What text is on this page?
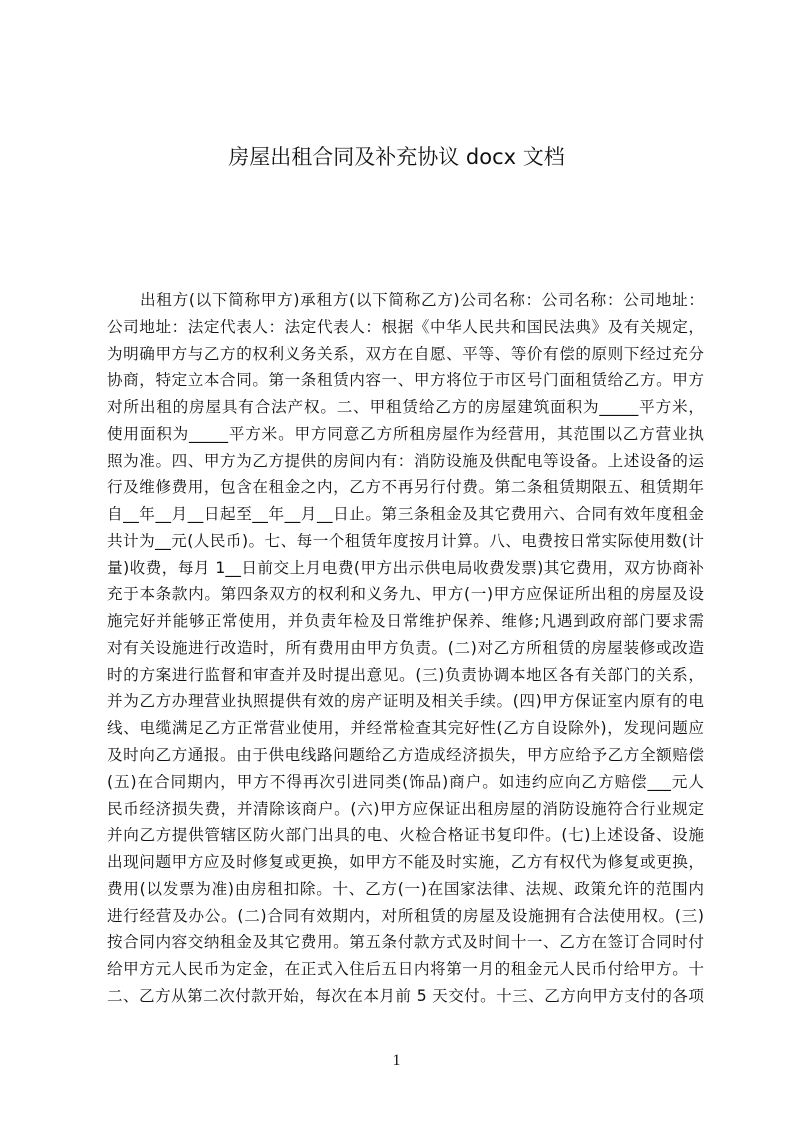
房屋出租合同及补充协议 docx 文档
出租方(以下简称甲方)承租方(以下简称乙方)公司名称：公司名称：公司地址：
公司地址：法定代表人：法定代表人：根据《中华人民共和国民法典》及有关规定，
为明确甲方与乙方的权利义务关系，双方在自愿、平等、等价有偿的原则下经过充分
协商，特定立本合同。第一条租赁内容一、甲方将位于市区号门面租赁给乙方。甲方
对所出租的房屋具有合法产权。二、甲租赁给乙方的房屋建筑面积为_____平方米，
使用面积为_____平方米。甲方同意乙方所租房屋作为经营用，其范围以乙方营业执
照为准。四、甲方为乙方提供的房间内有：消防设施及供配电等设备。上述设备的运
行及维修费用，包含在租金之内，乙方不再另行付费。第二条租赁期限五、租赁期年
自__年__月__日起至__年__月__日止。第三条租金及其它费用六、合同有效年度租金
共计为__元(人民币)。七、每一个租赁年度按月计算。八、电费按日常实际使用数(计
量)收费，每月 1__日前交上月电费(甲方出示供电局收费发票)其它费用，双方协商补
充于本条款内。第四条双方的权利和义务九、甲方(一)甲方应保证所出租的房屋及设
施完好并能够正常使用，并负责年检及日常维护保养、维修;凡遇到政府部门要求需
对有关设施进行改造时，所有费用由甲方负责。(二)对乙方所租赁的房屋装修或改造
时的方案进行监督和审查并及时提出意见。(三)负责协调本地区各有关部门的关系，
并为乙方办理营业执照提供有效的房产证明及相关手续。(四)甲方保证室内原有的电
线、电缆满足乙方正常营业使用，并经常检查其完好性(乙方自设除外)，发现问题应
及时向乙方通报。由于供电线路问题给乙方造成经济损失，甲方应给予乙方全额赔偿
(五)在合同期内，甲方不得再次引进同类(饰品)商户。如违约应向乙方赔偿___元人
民币经济损失费，并清除该商户。(六)甲方应保证出租房屋的消防设施符合行业规定
并向乙方提供管辖区防火部门出具的电、火检合格证书复印件。(七)上述设备、设施
出现问题甲方应及时修复或更换，如甲方不能及时实施，乙方有权代为修复或更换，
费用(以发票为准)由房租扣除。十、乙方(一)在国家法律、法规、政策允许的范围内
进行经营及办公。(二)合同有效期内，对所租赁的房屋及设施拥有合法使用权。(三)
按合同内容交纳租金及其它费用。第五条付款方式及时间十一、乙方在签订合同时付
给甲方元人民币为定金，在正式入住后五日内将第一月的租金元人民币付给甲方。十
二、乙方从第二次付款开始，每次在本月前 5 天交付。十三、乙方向甲方支付的各项
1
